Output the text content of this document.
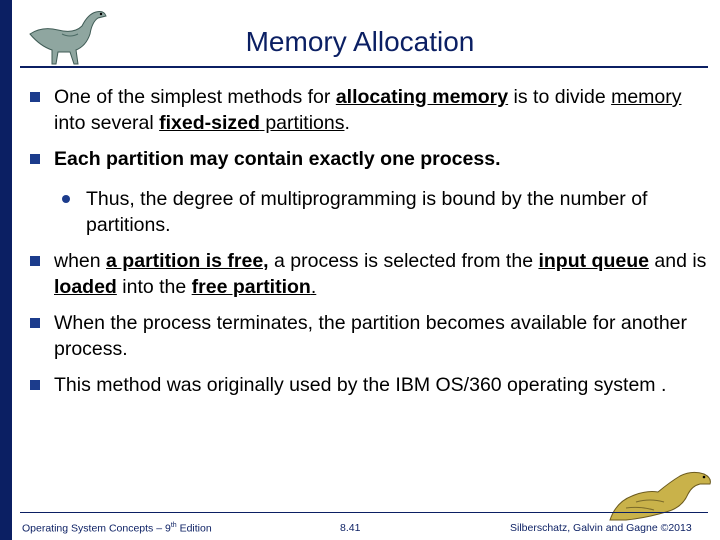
Memory Allocation
One of the simplest methods for allocating memory is to divide memory into several fixed-sized partitions.
Each partition may contain exactly one process.
Thus, the degree of multiprogramming is bound by the number of partitions.
when a partition is free, a process is selected from the input queue and is loaded into the free partition.
When the process terminates, the partition becomes available for another process.
This method was originally used by the IBM OS/360 operating system .
Operating System Concepts – 9th Edition	8.41	Silberschatz, Galvin and Gagne ©2013
